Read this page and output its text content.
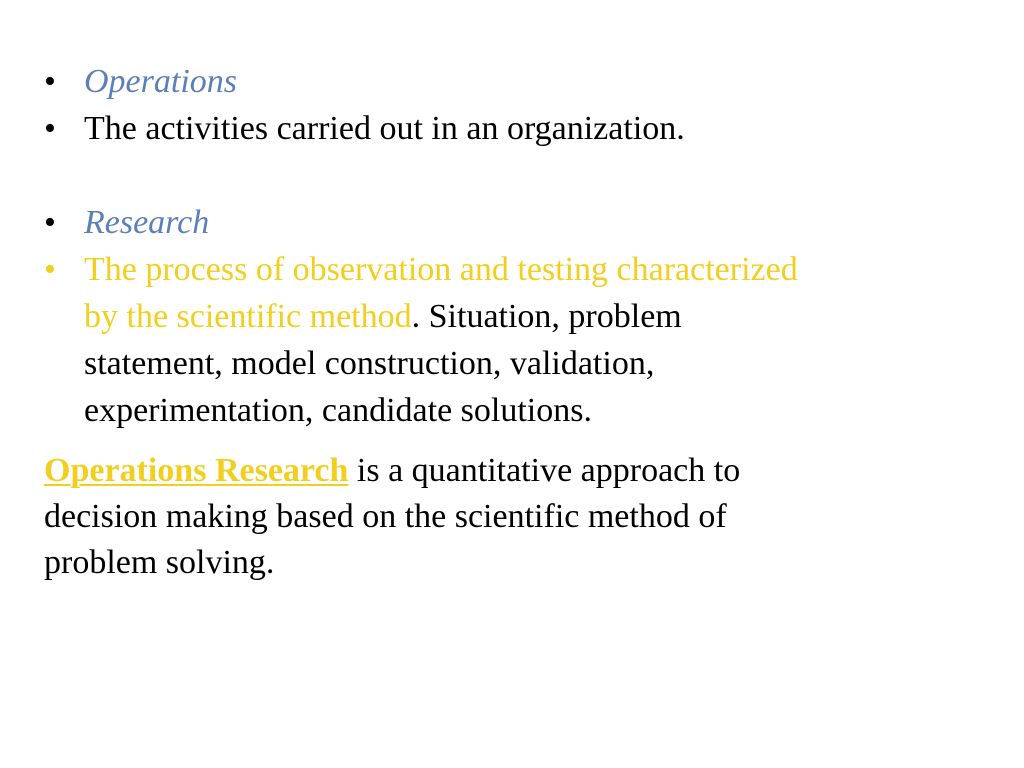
• Operations
• The activities carried out in an organization.
• Research
• The process of observation and testing characterized
by the scientific method. Situation, problem
statement, model construction, validation,
experimentation, candidate solutions.

Operations Research is a quantitative approach to
decision making based on the scientific method of
problem solving.
